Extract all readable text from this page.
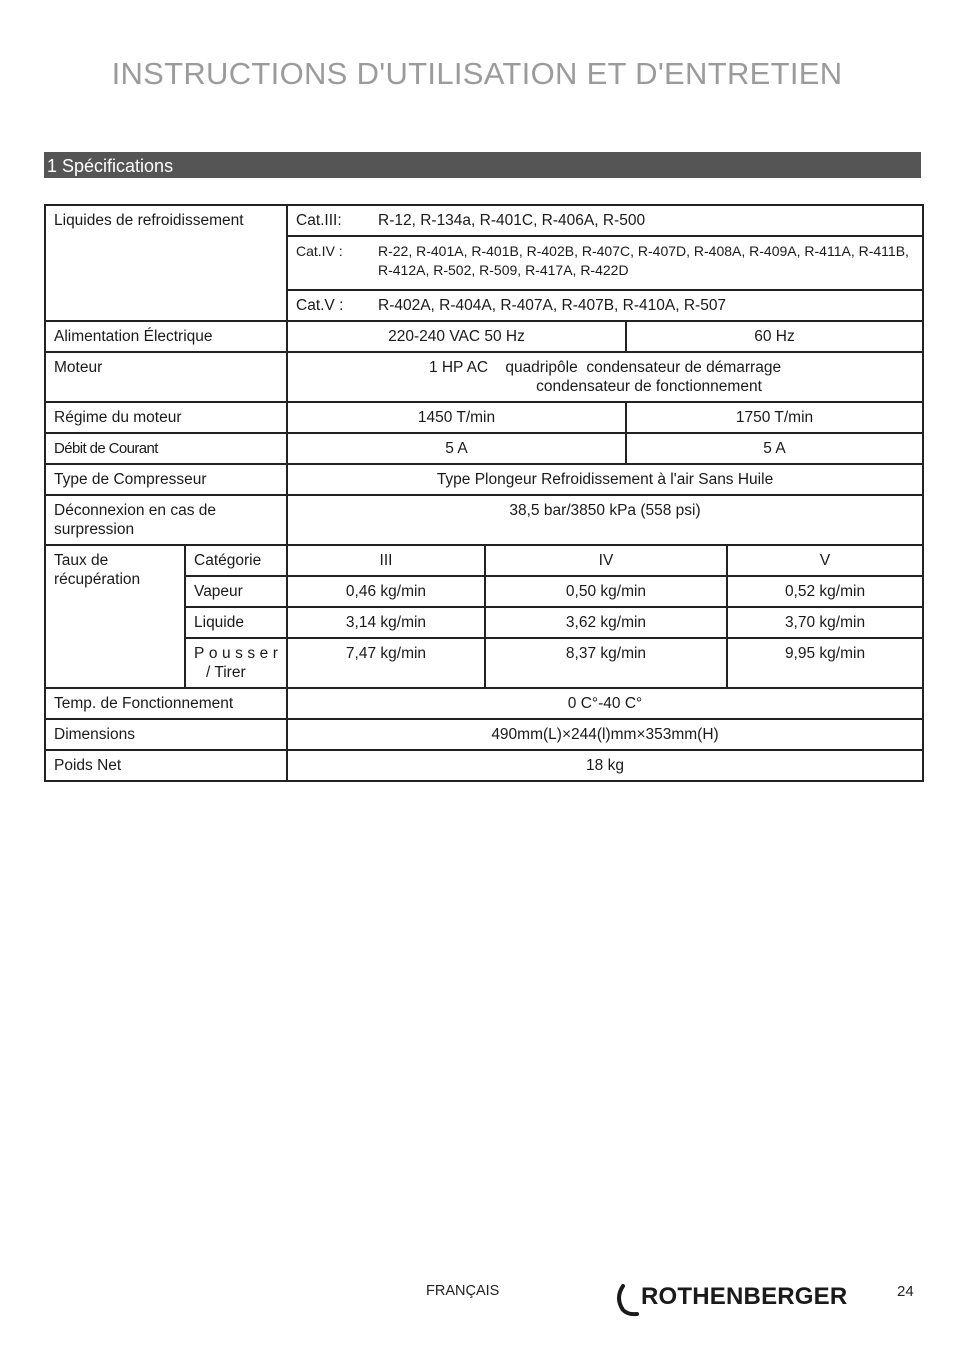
INSTRUCTIONS D'UTILISATION ET D'ENTRETIEN
1 Spécifications
Liquides de refroidissement		Cat.III: R-12, R-134a, R-401C, R-406A, R-500			

		Cat.IV : R-22, R-401A, R-401B, R-402B, R-407C, R-407D, R-408A, R-409A, R-411A, R-411B, R-412A, R-502, R-509, R-417A, R-422D			

		Cat.V : R-402A, R-404A, R-407A, R-407B, R-410A, R-507			

Alimentation Électrique		220-240 VAC 50 Hz		60 Hz	
Moteur		1 HP AC    quadripôle  condensateur de démarrage
condensateur de fonctionnement			

Régime du moteur		1450 T/min		1750 T/min	
Débit de Courant		5 A		5 A	
Type de Compresseur		Type Plongeur Refroidissement à l'air Sans Huile			
Déconnexion en cas de surpression		38,5 bar/3850 kPa (558 psi)			
Taux de récupération	Catégorie	III	IV		V
	Vapeur	0,46 kg/min	0,50 kg/min		0,52 kg/min
	Liquide	3,14 kg/min	3,62 kg/min		3,70 kg/min

	Pousser
/ Tirer	7,47 kg/min	8,37 kg/min		9,95 kg/min
Temp. de Fonctionnement		0 C°-40 C°			
Dimensions		490mm(L)×244(l)mm×353mm(H)			
Poids Net		18 kg			
FRANÇAIS	ROTHENBERGER	24
